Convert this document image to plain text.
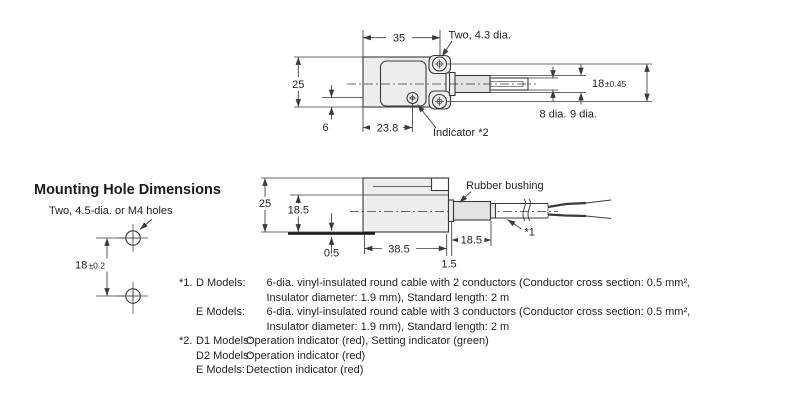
35	Two, 4.3 dia.
25
6	23.8	Indicator *2
8 dia. 9 dia.
18 ±0.45
25
18.5
0.5	38.5
1.5
18.5
Rubber bushing
*1
18 ±0.2
Mounting Hole Dimensions
Two, 4.5-dia. or M4 holes
*1. D Models:	6-dia. vinyl-insulated round cable with 2 conductors (Conductor cross section: 0.5 mm²,
Insulator diameter: 1.9 mm), Standard length: 2 m
E Models:	6-dia. vinyl-insulated round cable with 3 conductors (Conductor cross section: 0.5 mm²,
Insulator diameter: 1.9 mm), Standard length: 2 m
*2. D1 Models:
Operation indicator (red), Setting indicator (green)
D2 Models:
Operation indicator (red)
E Models: Detection indicator (red)
